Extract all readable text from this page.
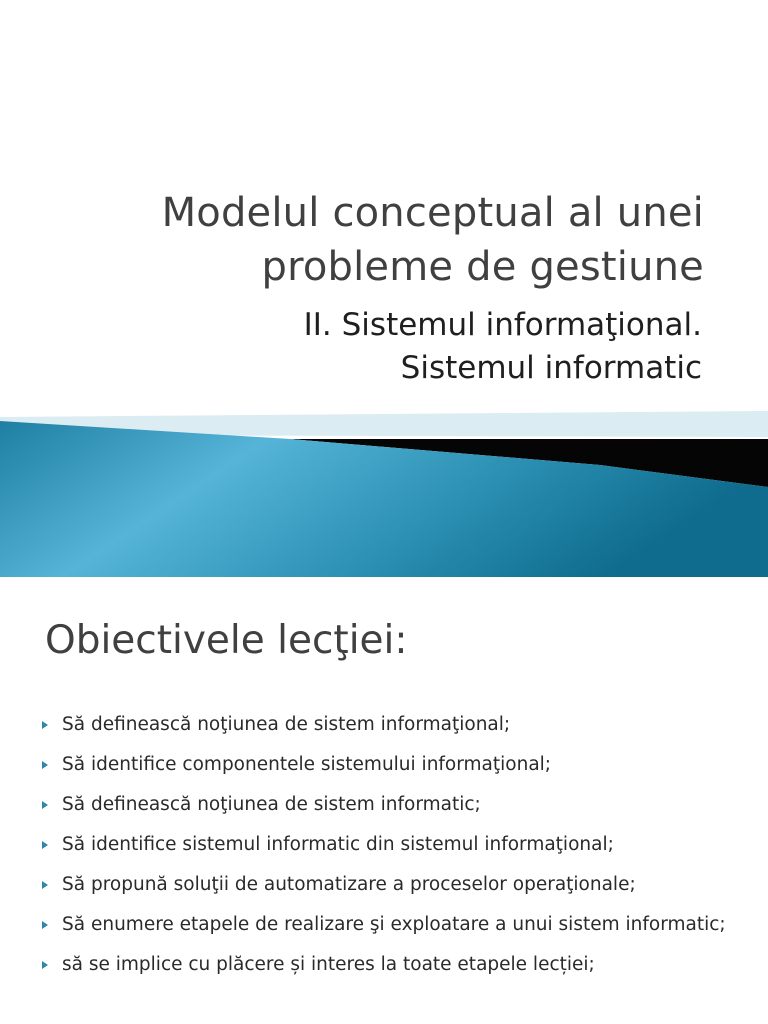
Modelul conceptual al unei probleme de gestiune
II. Sistemul informaţional.
Sistemul informatic
Obiectivele lecţiei:
Să definească noţiunea de sistem informaţional;
Să identifice componentele sistemului informaţional;
Să definească noţiunea de sistem informatic;
Să identifice sistemul informatic din sistemul informaţional;
Să propună soluţii de automatizare a proceselor operaţionale;
Să enumere etapele de realizare şi exploatare a unui sistem informatic;
să se implice cu plăcere și interes la toate etapele lecției;
